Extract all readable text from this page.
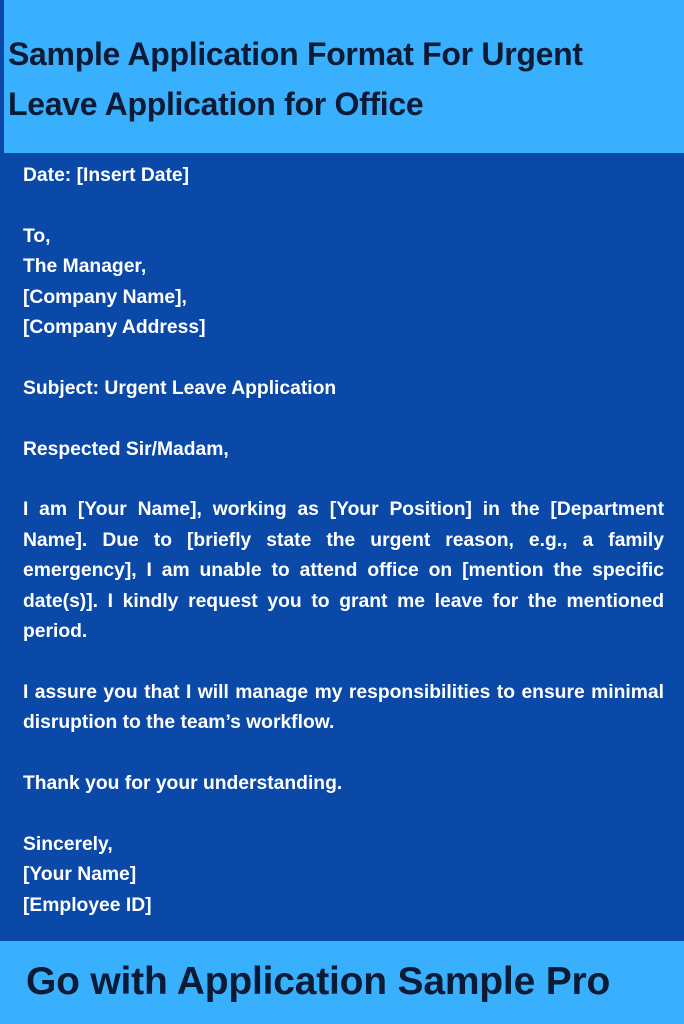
Sample Application Format For Urgent Leave Application for Office

Date: [Insert Date]

To,
The Manager,
[Company Name],
[Company Address]

Subject: Urgent Leave Application

Respected Sir/Madam,

I am [Your Name], working as [Your Position] in the [Department Name]. Due to [briefly state the urgent reason, e.g., a family emergency], I am unable to attend office on [mention the specific date(s)]. I kindly request you to grant me leave for the mentioned period.

I assure you that I will manage my responsibilities to ensure minimal disruption to the team’s workflow.

Thank you for your understanding.

Sincerely,
[Your Name]
[Employee ID]

Go with Application Sample Pro
